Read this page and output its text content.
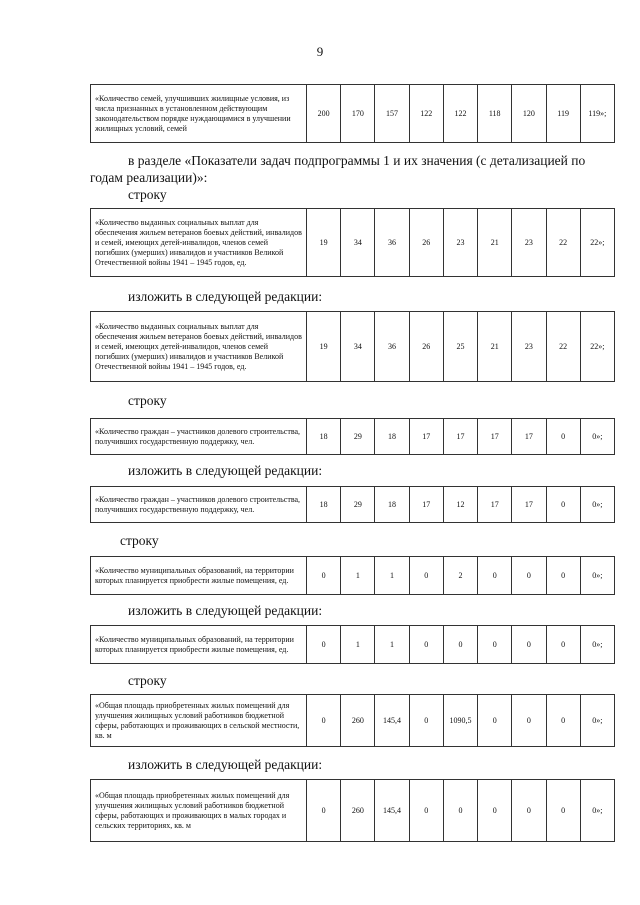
9
«Количество семей, улучшивших жилищные условия, из числа признанных в установленном действующим законодательством порядке нуждающимися в улучшении жилищных условий, семей	200	170	157	122	122	118	120	119	119»;
в разделе «Показатели задач подпрограммы 1 и их значения (с детализацией по годам реализации)»:
строку
«Количество выданных социальных выплат для обеспечения жильем ветеранов боевых действий, инвалидов и семей, имеющих детей-инвалидов, членов семей погибших (умерших) инвалидов и участников Великой Отечественной войны 1941 – 1945 годов, ед.	19	34	36	26	23	21	23	22	22»;
изложить в следующей редакции:
«Количество выданных социальных выплат для обеспечения жильем ветеранов боевых действий, инвалидов и семей, имеющих детей-инвалидов, членов семей погибших (умерших) инвалидов и участников Великой Отечественной войны 1941 – 1945 годов, ед.	19	34	36	26	25	21	23	22	22»;
строку
«Количество граждан – участников долевого строительства, получивших государственную поддержку, чел.	18	29	18	17	17	17	17	0	0»;
изложить в следующей редакции:
«Количество граждан – участников долевого строительства, получивших государственную поддержку, чел.	18	29	18	17	12	17	17	0	0»;
строку
«Количество муниципальных образований, на территории которых планируется приобрести жилые помещения, ед.	0	1	1	0	2	0	0	0	0»;
изложить в следующей редакции:
«Количество муниципальных образований, на территории которых планируется приобрести жилые помещения, ед.	0	1	1	0	0	0	0	0	0»;
строку
«Общая площадь приобретенных жилых помещений для улучшения жилищных условий работников бюджетной сферы, работающих и проживающих в сельской местности, кв. м	0	260	145,4	0	1090,5	0	0	0	0»;
изложить в следующей редакции:
«Общая площадь приобретенных жилых помещений для улучшения жилищных условий работников бюджетной сферы, работающих и проживающих в малых городах и сельских территориях, кв. м	0	260	145,4	0	0	0	0	0	0»;
